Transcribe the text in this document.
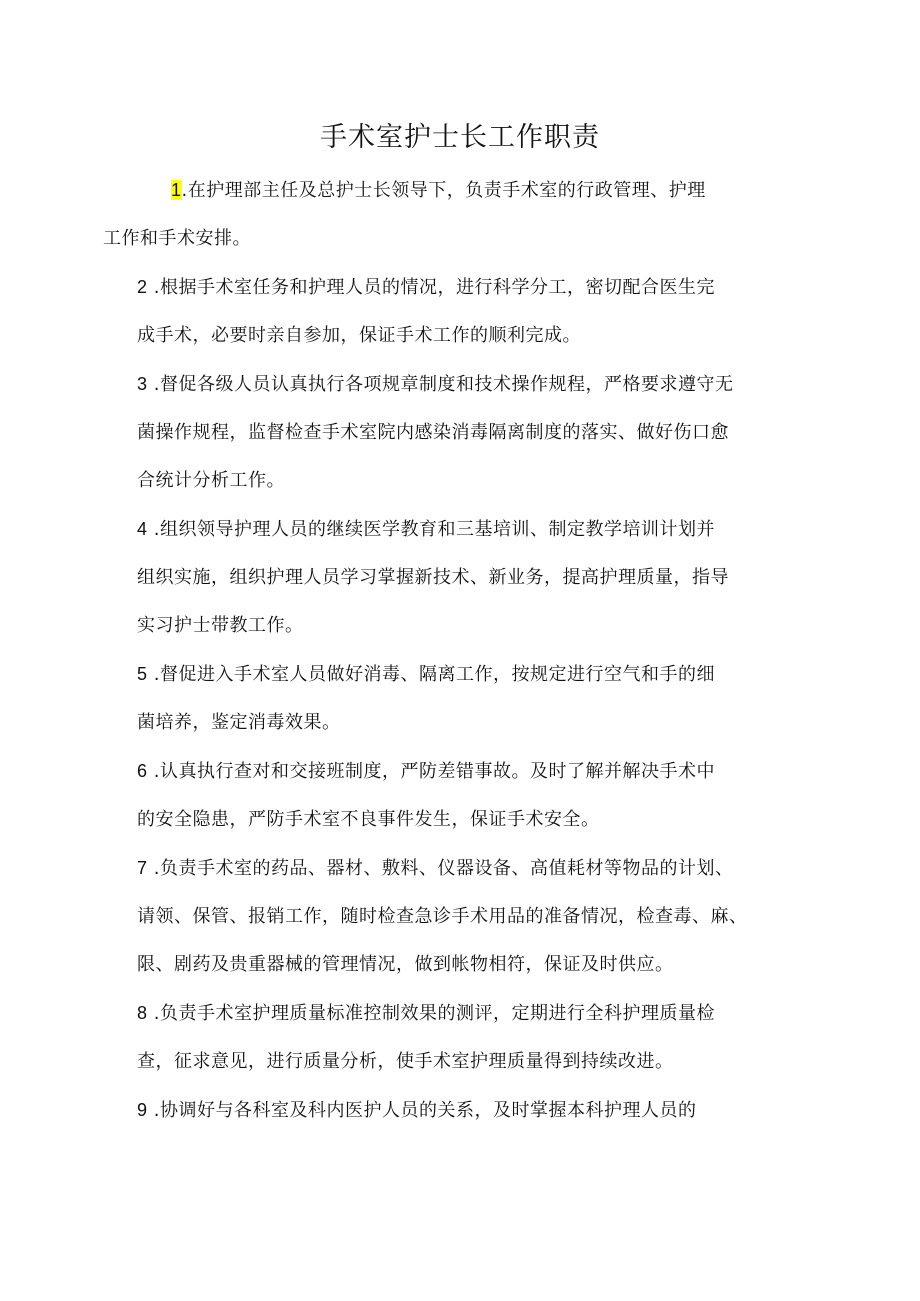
手术室护士长工作职责

1.在护理部主任及总护士长领导下，负责手术室的行政管理、护理
工作和手术安排。

2 .根据手术室任务和护理人员的情况，进行科学分工，密切配合医生完
成手术，必要时亲自参加，保证手术工作的顺利完成。

3 .督促各级人员认真执行各项规章制度和技术操作规程，严格要求遵守无
菌操作规程，监督检查手术室院内感染消毒隔离制度的落实、做好伤口愈
合统计分析工作。

4 .组织领导护理人员的继续医学教育和三基培训、制定教学培训计划并
组织实施，组织护理人员学习掌握新技术、新业务，提高护理质量，指导
实习护士带教工作。

5 .督促进入手术室人员做好消毒、隔离工作，按规定进行空气和手的细
菌培养，鉴定消毒效果。

6 .认真执行查对和交接班制度，严防差错事故。及时了解并解决手术中
的安全隐患，严防手术室不良事件发生，保证手术安全。

7 .负责手术室的药品、器材、敷料、仪器设备、高值耗材等物品的计划、
请领、保管、报销工作，随时检查急诊手术用品的准备情况，检查毒、麻、
限、剧药及贵重器械的管理情况，做到帐物相符，保证及时供应。

8 .负责手术室护理质量标准控制效果的测评，定期进行全科护理质量检
查，征求意见，进行质量分析，使手术室护理质量得到持续改进。

9 .协调好与各科室及科内医护人员的关系，及时掌握本科护理人员的
